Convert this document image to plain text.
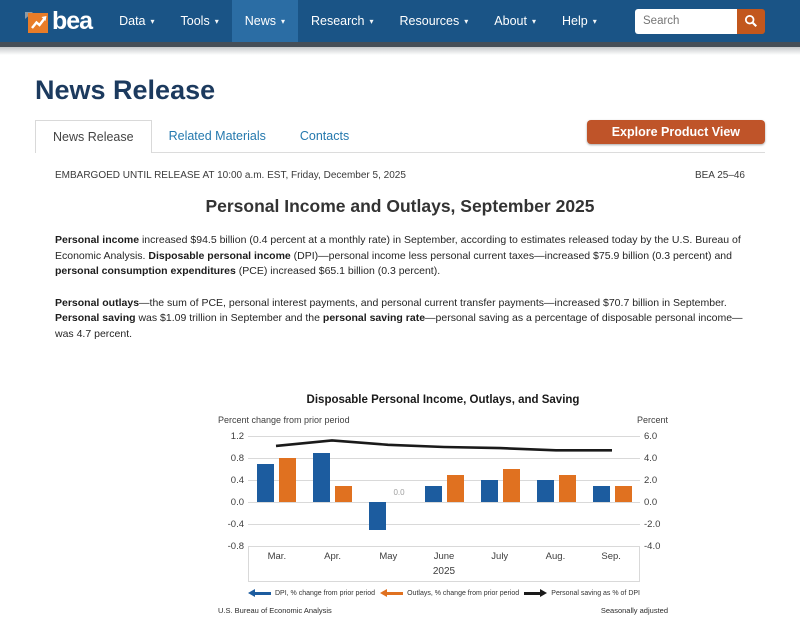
bea Data ▾ Tools ▾ News ▾ Research ▾ Resources ▾ About ▾ Help ▾
Search
News Release
News Release	Related Materials	Contacts	Explore Product View
EMBARGOED UNTIL RELEASE AT 10:00 a.m. EST, Friday, December 5, 2025	BEA 25–46
Personal Income and Outlays, September 2025

Personal income increased $94.5 billion (0.4 percent at a monthly rate) in September, according to estimates released today by the U.S. Bureau of Economic Analysis. Disposable personal income (DPI)—personal income less personal current taxes—increased $75.9 billion (0.3 percent) and personal consumption expenditures (PCE) increased $65.1 billion (0.3 percent).

Personal outlays—the sum of PCE, personal interest payments, and personal current transfer payments—increased $70.7 billion in September. Personal saving was $1.09 trillion in September and the personal saving rate—personal saving as a percentage of disposable personal income—was 4.7 percent.

Disposable Personal Income, Outlays, and Saving
Percent change from prior period	Percent
1.2
0.8
0.4
0.0
-0.4
-0.8
0.0
6.0
4.0
2.0
0.0
-2.0
-4.0
Mar.	Apr.	May	June	July	Aug.	Sep.
2025
DPI, % change from prior period	Outlays, % change from prior period	Personal saving as % of DPI
U.S. Bureau of Economic Analysis	Seasonally adjusted
